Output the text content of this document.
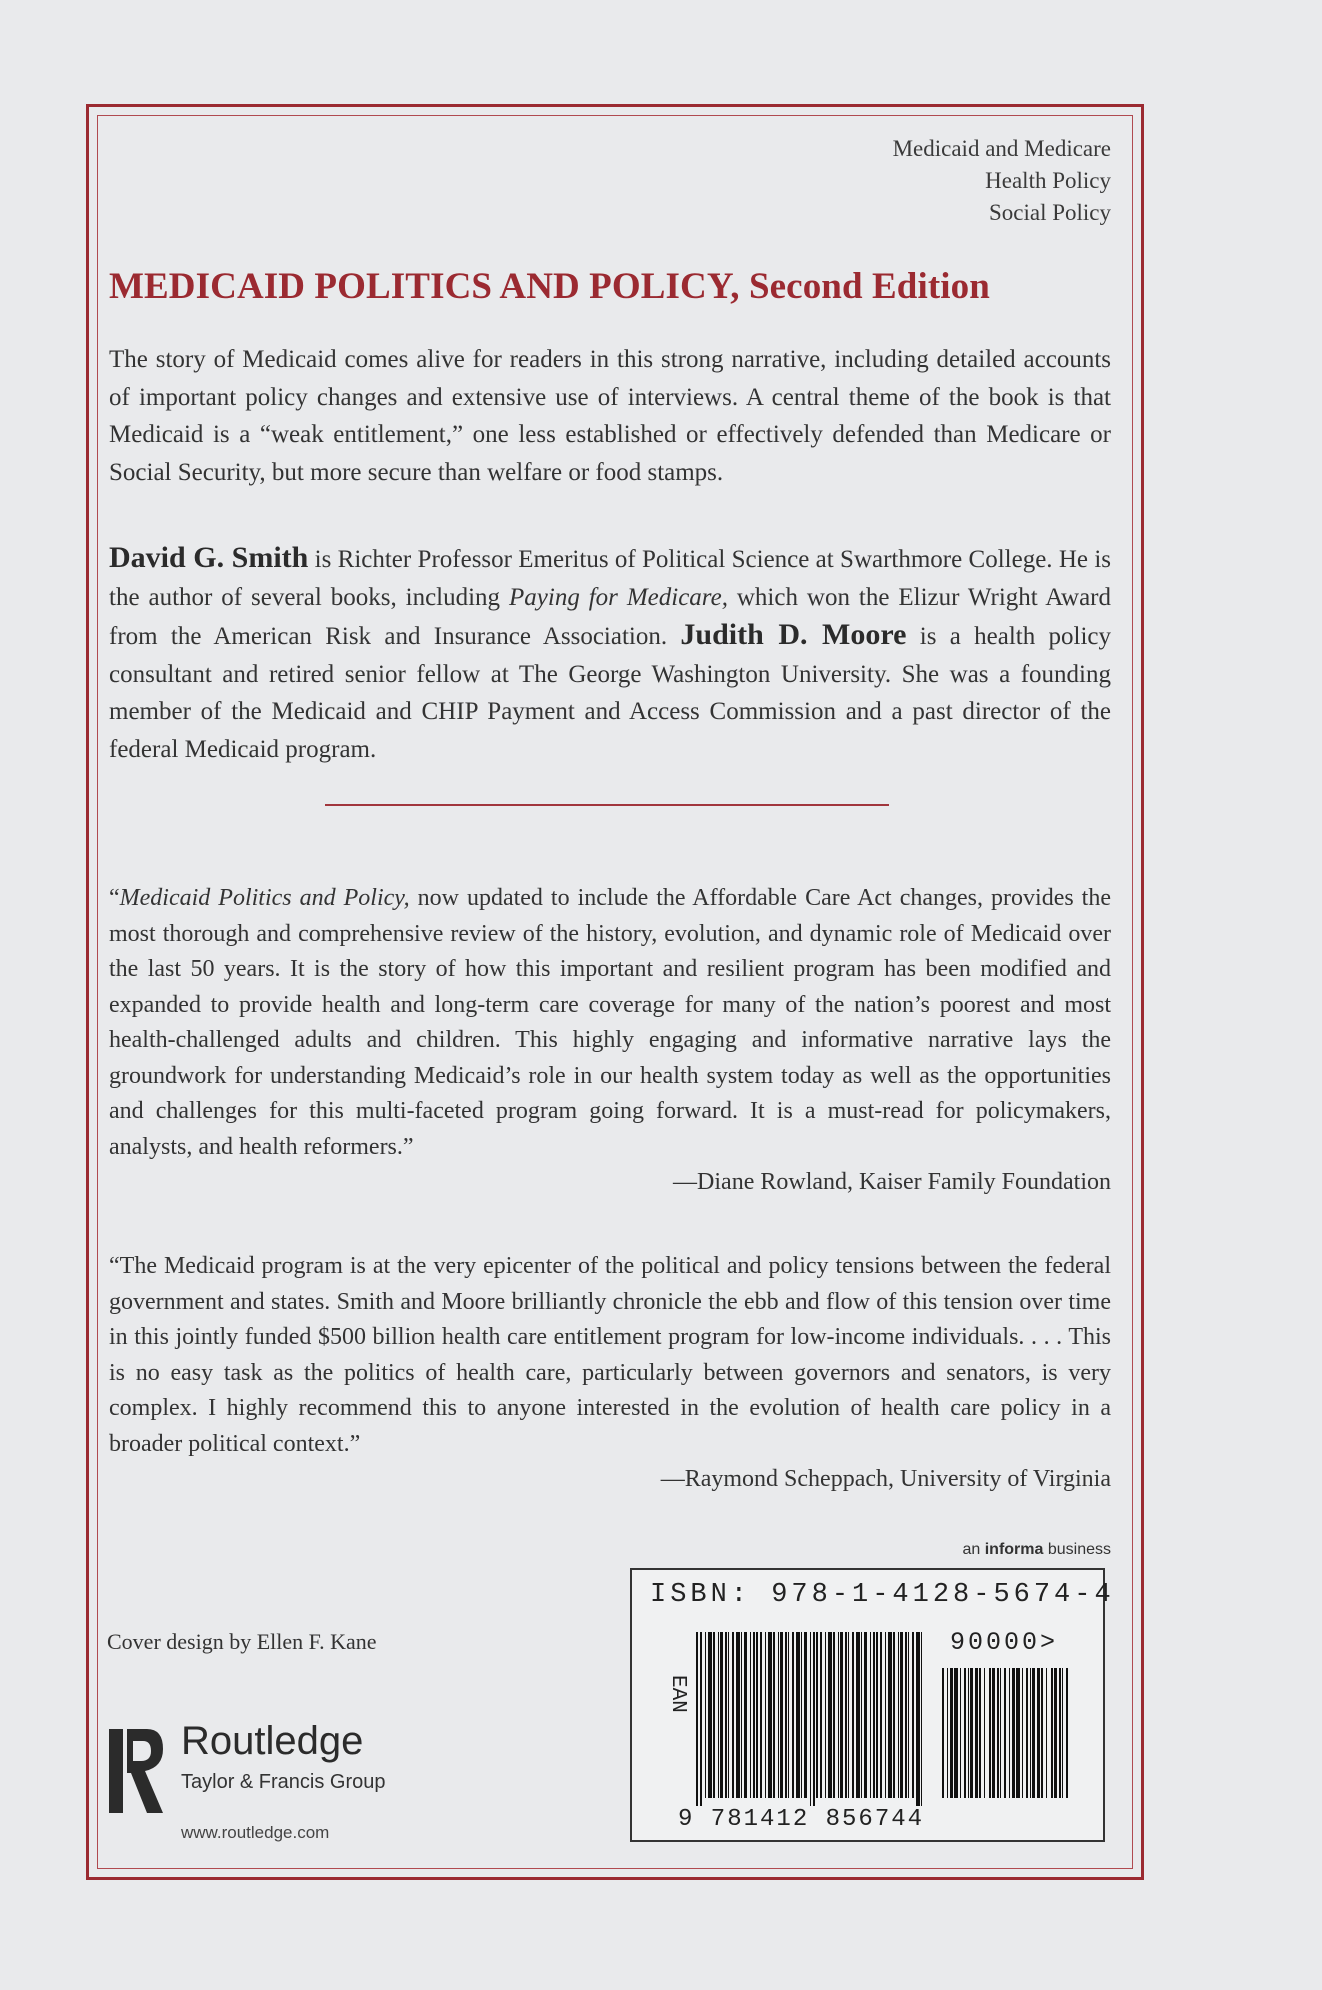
Medicaid and Medicare
Health Policy
Social Policy
MEDICAID POLITICS AND POLICY, Second Edition
The story of Medicaid comes alive for readers in this strong narrative, including detailed accounts of important policy changes and extensive use of interviews. A central theme of the book is that Medicaid is a “weak entitlement,” one less established or effectively defended than Medicare or Social Security, but more secure than welfare or food stamps.
David G. Smith is Richter Professor Emeritus of Political Science at Swarthmore College. He is the author of several books, including Paying for Medicare, which won the Elizur Wright Award from the American Risk and Insurance Association. Judith D. Moore is a health policy consultant and retired senior fellow at The George Washington University. She was a founding member of the Medicaid and CHIP Payment and Access Commission and a past director of the federal Medicaid program.
“Medicaid Politics and Policy, now updated to include the Affordable Care Act changes, provides the most thorough and comprehensive review of the history, evolution, and dynamic role of Medicaid over the last 50 years. It is the story of how this important and resilient program has been modified and expanded to provide health and long-term care coverage for many of the nation’s poorest and most health-challenged adults and children. This highly engaging and informative narrative lays the groundwork for understanding Medicaid’s role in our health system today as well as the opportunities and challenges for this multi-faceted program going forward. It is a must-read for policymakers, analysts, and health reformers.”
—Diane Rowland, Kaiser Family Foundation
“The Medicaid program is at the very epicenter of the political and policy tensions between the federal government and states. Smith and Moore brilliantly chronicle the ebb and flow of this tension over time in this jointly funded $500 billion health care entitlement program for low-income individuals. . . . This is no easy task as the politics of health care, particularly between governors and senators, is very complex. I highly recommend this to anyone interested in the evolution of health care policy in a broader political context.”
—Raymond Scheppach, University of Virginia
an informa business
ISBN: 978-1-4128-5674-4
EAN
90000>
9 781412 856744
Cover design by Ellen F. Kane
Routledge
Taylor & Francis Group
www.routledge.com
